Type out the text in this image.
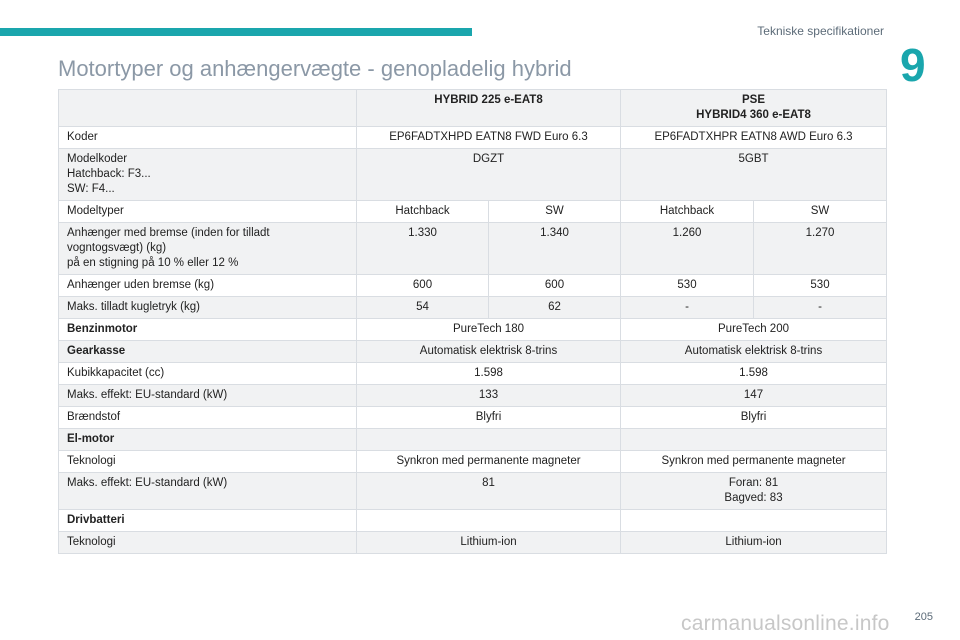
Tekniske specifikationer
9
Motortyper og anhængervægte - genopladelig hybrid
	HYBRID 225 e-EAT8		PSE
HYBRID4 360 e-EAT8	
Koder	EP6FADTXHPD EATN8 FWD Euro 6.3		EP6FADTXHPR EATN8 AWD Euro 6.3	
Modelkoder
Hatchback: F3...
SW: F4...	DGZT		5GBT	
Modeltyper	Hatchback	SW	Hatchback	SW
Anhænger med bremse (inden for tilladt
vogntogsvægt) (kg)
på en stigning på 10 % eller 12 %	1.330	1.340	1.260	1.270
Anhænger uden bremse (kg)	600	600	530	530
Maks. tilladt kugletryk (kg)	54	62	-	-
Benzinmotor	PureTech 180		PureTech 200	
Gearkasse	Automatisk elektrisk 8-trins		Automatisk elektrisk 8-trins	
Kubikkapacitet (cc)	1.598		1.598	
Maks. effekt: EU-standard (kW)	133		147	
Brændstof	Blyfri		Blyfri	
El-motor				
Teknologi	Synkron med permanente magneter		Synkron med permanente magneter	
Maks. effekt: EU-standard (kW)	81		Foran: 81
Bagved: 83	
Drivbatteri				
Teknologi	Lithium-ion		Lithium-ion	
205
carmanualsonline.info
